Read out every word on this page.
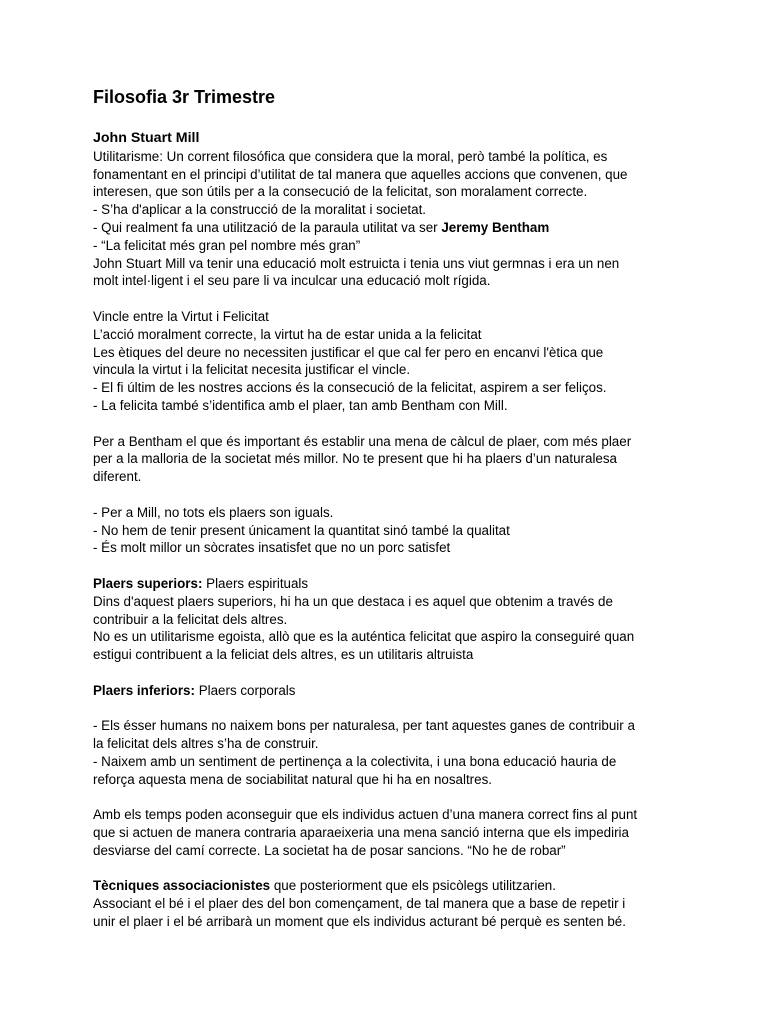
Filosofia 3r Trimestre
John Stuart Mill
Utilitarisme: Un corrent filosófica que considera que la moral, però també la política, es
fonamentant en el principi d’utilitat de tal manera que aquelles accions que convenen, que
interesen, que son útils per a la consecució de la felicitat, son moralament correcte.
- S’ha d'aplicar a la construcció de la moralitat i societat.
- Qui realment fa una utilització de la paraula utilitat va ser Jeremy Bentham
- “La felicitat més gran pel nombre més gran”
John Stuart Mill va tenir una educació molt estruicta i tenia uns viut germnas i era un nen
molt intel·ligent i el seu pare li va inculcar una educació molt rígida.
Vincle entre la Virtut i Felicitat
L’acció moralment correcte, la virtut ha de estar unida a la felicitat
Les ètiques del deure no necessiten justificar el que cal fer pero en encanvi l'ètica que
vincula la virtut i la felicitat necesita justificar el vincle.
- El fi últim de les nostres accions és la consecució de la felicitat, aspirem a ser feliços.
- La felicita també s’identifica amb el plaer, tan amb Bentham con Mill.
Per a Bentham el que és important és establir una mena de càlcul de plaer, com més plaer
per a la malloria de la societat més millor. No te present que hi ha plaers d’un naturalesa
diferent.
- Per a Mill, no tots els plaers son iguals.
- No hem de tenir present únicament la quantitat sinó també la qualitat
- És molt millor un sòcrates insatisfet que no un porc satisfet
Plaers superiors: Plaers espirituals
Dins d'aquest plaers superiors, hi ha un que destaca i es aquel que obtenim a través de
contribuir a la felicitat dels altres.
No es un utilitarisme egoista, allò que es la auténtica felicitat que aspiro la conseguiré quan
estigui contribuent a la feliciat dels altres, es un utilitaris altruista
Plaers inferiors: Plaers corporals
- Els ésser humans no naixem bons per naturalesa, per tant aquestes ganes de contribuir a
la felicitat dels altres s’ha de construir.
- Naixem amb un sentiment de pertinença a la colectivita, i una bona educació hauria de
reforça aquesta mena de sociabilitat natural que hi ha en nosaltres.
Amb els temps poden aconseguir que els individus actuen d’una manera correct fins al punt
que si actuen de manera contraria aparaeixeria una mena sanció interna que els impediria
desviarse del camí correcte. La societat ha de posar sancions. “No he de robar”
Tècniques associacionistes que posteriorment que els psicòlegs utilitzarien.
Associant el bé i el plaer des del bon començament, de tal manera que a base de repetir i
unir el plaer i el bé arribarà un moment que els individus acturant bé perquè es senten bé.
